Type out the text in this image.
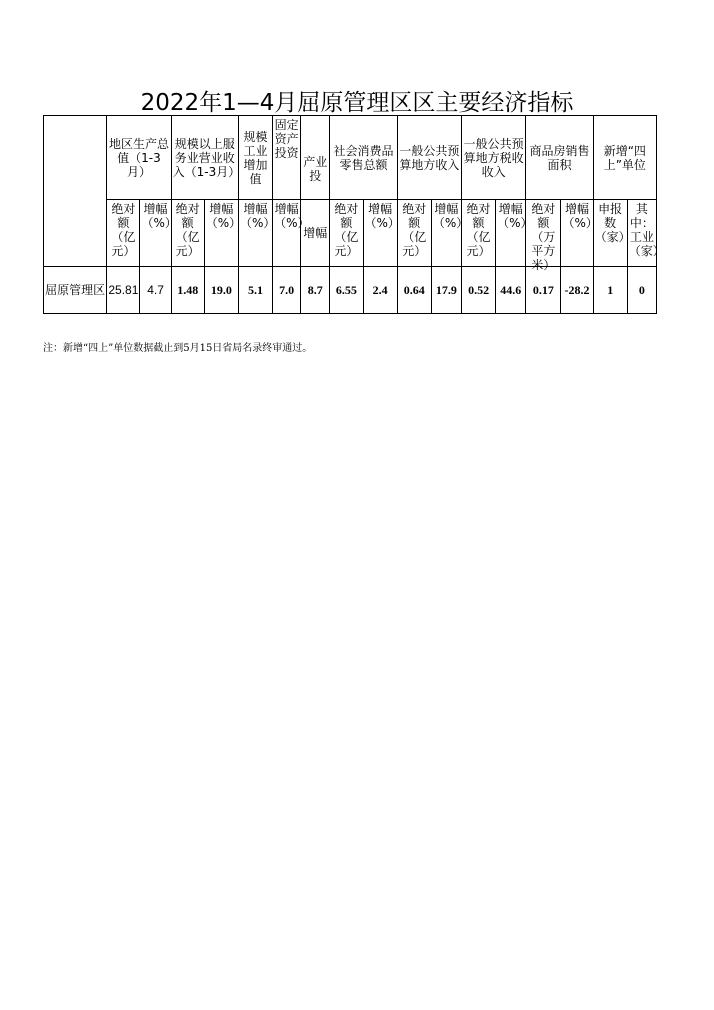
2022年1—4月屈原管理区区主要经济指标
	地区生产总值（1-3月）		规模以上服务业营业收入（1-3月）		规模工业增加值	固定资产投资	产业投	社会消费品零售总额		一般公共预算地方收入		一般公共预算地方税收收入		商品房销售面积		新增“四上”单位	

	绝对额（亿元）	增幅（%）	绝对额（亿元）	增幅（%）	增幅（%）	增幅（%）	增幅	绝对额（亿元）	增幅（%）	绝对额（亿元）	增幅（%）	绝对额（亿元）	增幅（%）	绝对额（万平方米）	增幅（%）	申报数（家）	其中：工业（家）

屈原管理区	25.81	4.7	1.48	19.0	5.1	7.0	8.7	6.55	2.4	0.64	17.9	0.52	44.6	0.17	-28.2	1	0
注：新增“四上”单位数据截止到5月15日省局名录终审通过。
